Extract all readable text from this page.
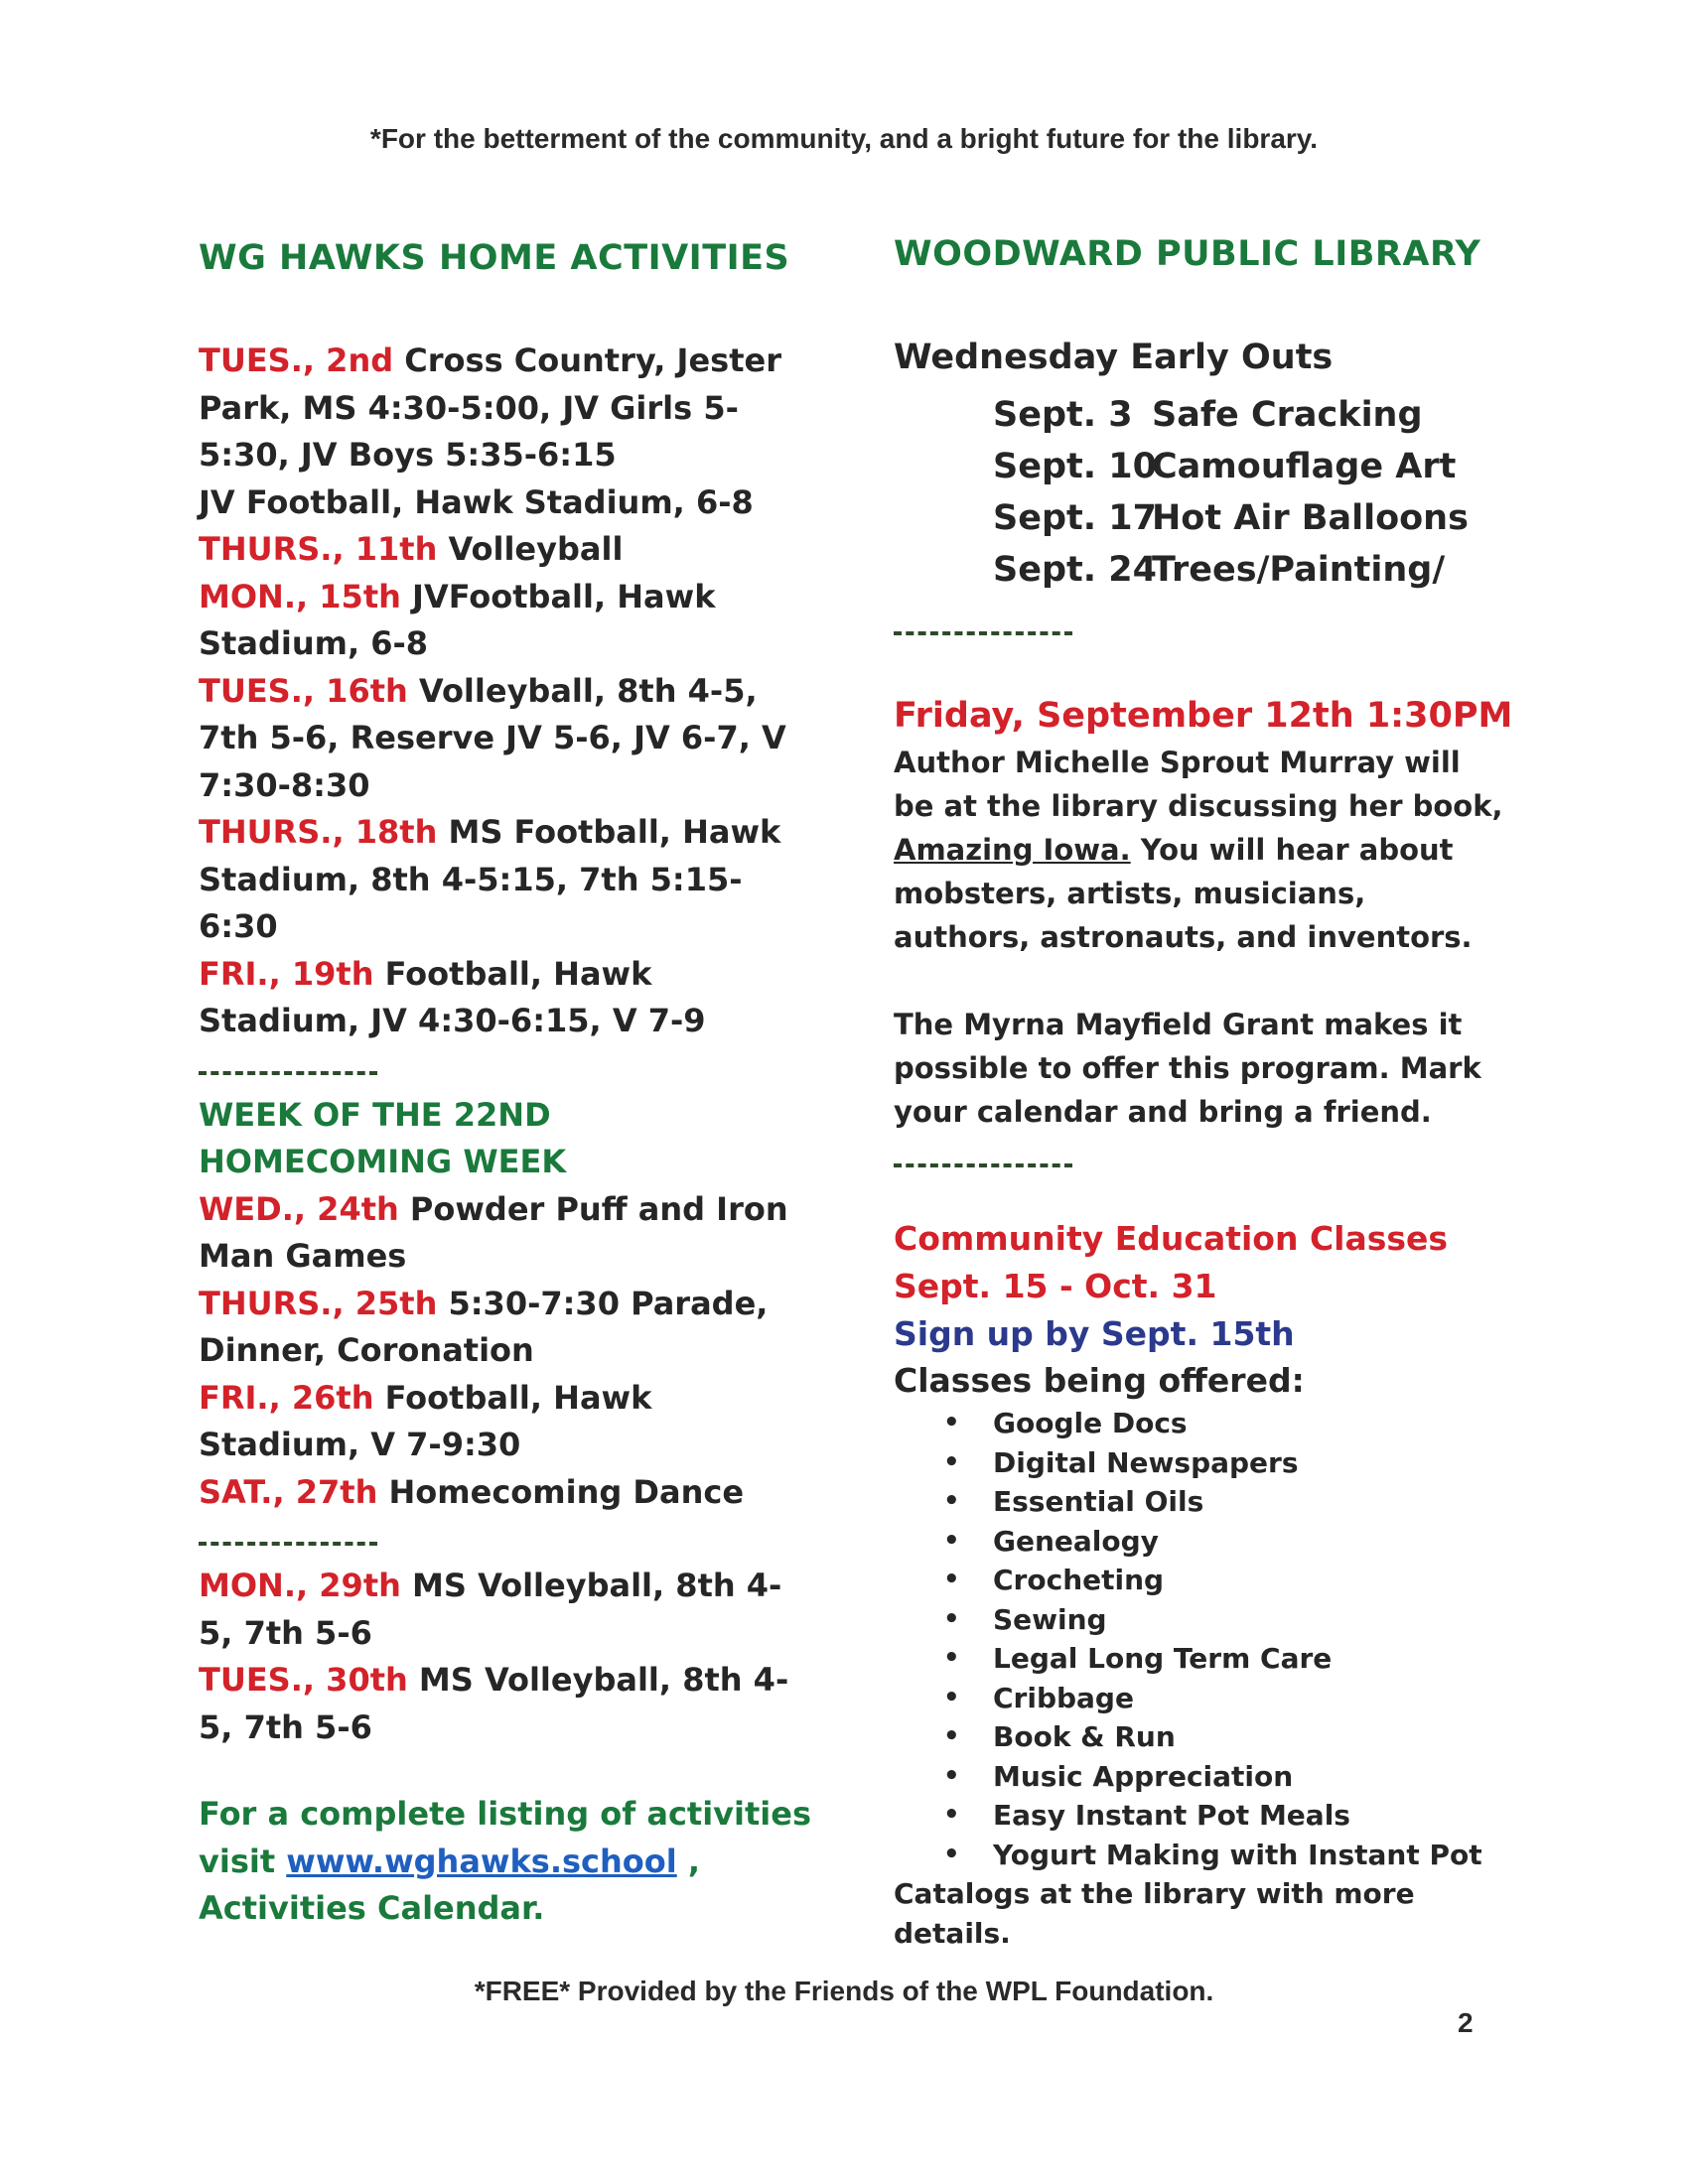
*For the betterment of the community, and a bright future for the library.
WG HAWKS HOME ACTIVITIES

TUES., 2nd Cross Country, Jester Park, MS 4:30-5:00, JV Girls 5-5:30, JV Boys 5:35-6:15

JV Football, Hawk Stadium, 6-8

THURS., 11th Volleyball

MON., 15th JVFootball, Hawk Stadium, 6-8

TUES., 16th Volleyball, 8th 4-5, 7th 5-6, Reserve JV 5-6, JV 6-7, V 7:30-8:30

THURS., 18th MS Football, Hawk Stadium, 8th 4-5:15, 7th 5:15-6:30

FRI., 19th Football, Hawk Stadium, JV 4:30-6:15, V 7-9

WEEK OF THE 22ND

HOMECOMING WEEK

WED., 24th Powder Puff and Iron Man Games

THURS., 25th 5:30-7:30 Parade, Dinner, Coronation

FRI., 26th Football, Hawk Stadium, V 7-9:30

SAT., 27th Homecoming Dance

MON., 29th MS Volleyball, 8th 4-5, 7th 5-6

TUES., 30th MS Volleyball, 8th 4-5, 7th 5-6

For a complete listing of activities

visit www.wghawks.school ,

Activities Calendar.

WOODWARD PUBLIC LIBRARY
Wednesday Early Outs
Sept. 3 Safe Cracking
Sept. 10Camouflage Art
Sept. 17Hot Air Balloons
Sept. 24Trees/Painting/

Friday, September 12th 1:30PM

Author Michelle Sprout Murray will be at the library discussing her book, Amazing Iowa. You will hear about mobsters, artists, musicians, authors, astronauts, and inventors.

The Myrna Mayfield Grant makes it possible to offer this program. Mark your calendar and bring a friend.

Community Education Classes

Sept. 15 - Oct. 31

Sign up by Sept. 15th

Classes being offered:

• Google Docs
• Digital Newspapers
• Essential Oils
• Genealogy
• Crocheting
• Sewing
• Legal Long Term Care
• Cribbage
• Book & Run
• Music Appreciation
• Easy Instant Pot Meals
• Yogurt Making with Instant Pot

Catalogs at the library with more details.

*FREE* Provided by the Friends of the WPL Foundation.
2
